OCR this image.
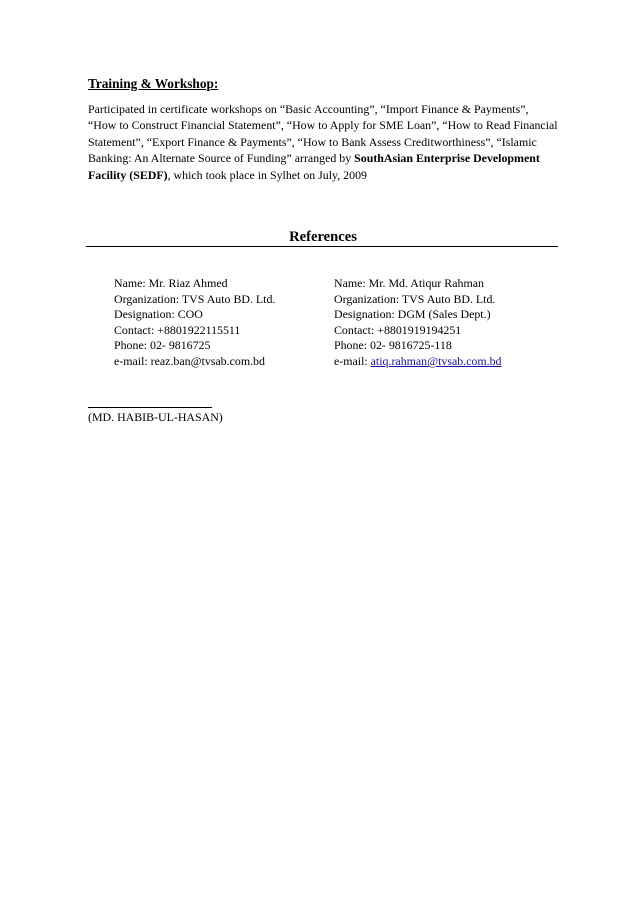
Training & Workshop:

Participated in certificate workshops on “Basic Accounting”, “Import Finance & Payments”,
“How to Construct Financial Statement”, “How to Apply for SME Loan”, “How to Read Financial
Statement”, “Export Finance & Payments”, “How to Bank Assess Creditworthiness”, “Islamic
Banking: An Alternate Source of Funding” arranged by SouthAsian Enterprise Development
Facility (SEDF), which took place in Sylhet on July, 2009

References
Name: Mr. Riaz Ahmed
Organization: TVS Auto BD. Ltd.
Designation: COO
Contact: +8801922115511
Phone: 02- 9816725
e-mail: reaz.ban@tvsab.com.bd
Name: Mr. Md. Atiqur Rahman
Organization: TVS Auto BD. Ltd.
Designation: DGM (Sales Dept.)
Contact: +8801919194251
Phone: 02- 9816725-118
e-mail: atiq.rahman@tvsab.com.bd
(MD. HABIB-UL-HASAN)
